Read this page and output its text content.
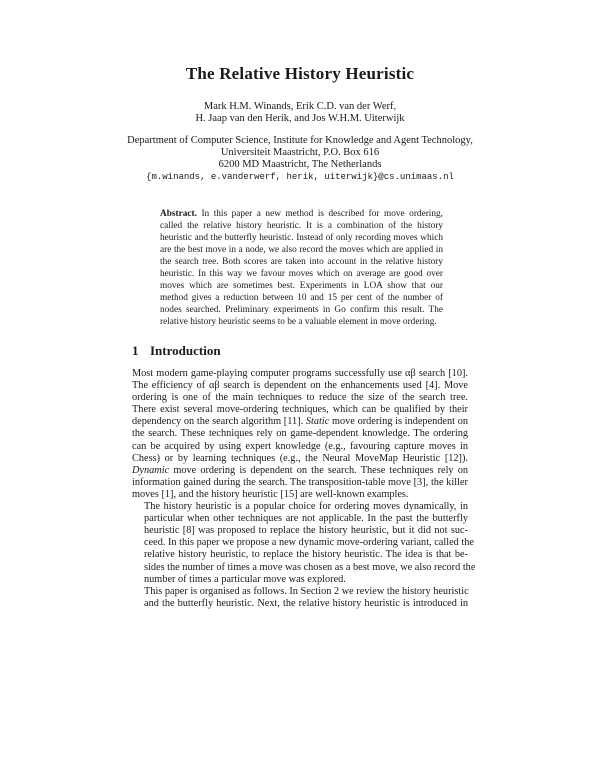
The Relative History Heuristic
Mark H.M. Winands, Erik C.D. van der Werf,
H. Jaap van den Herik, and Jos W.H.M. Uiterwijk
Department of Computer Science, Institute for Knowledge and Agent Technology,
Universiteit Maastricht, P.O. Box 616
6200 MD Maastricht, The Netherlands
{m.winands, e.vanderwerf, herik, uiterwijk}@cs.unimaas.nl
Abstract. In this paper a new method is described for move ordering, called the relative history heuristic. It is a combination of the history heuristic and the butterfly heuristic. Instead of only recording moves which are the best move in a node, we also record the moves which are applied in the search tree. Both scores are taken into account in the relative history heuristic. In this way we favour moves which on average are good over moves which are sometimes best. Experiments in LOA show that our method gives a reduction between 10 and 15 per cent of the number of nodes searched. Preliminary experiments in Go confirm this result. The relative history heuristic seems to be a valuable element in move ordering.
1 Introduction

Most modern game-playing computer programs successfully use αβ search [10].
The efficiency of αβ search is dependent on the enhancements used [4]. Move
ordering is one of the main techniques to reduce the size of the search tree.
There exist several move-ordering techniques, which can be qualified by their
dependency on the search algorithm [11]. Static move ordering is independent on
the search. These techniques rely on game-dependent knowledge. The ordering
can be acquired by using expert knowledge (e.g., favouring capture moves in
Chess) or by learning techniques (e.g., the Neural MoveMap Heuristic [12]).
Dynamic move ordering is dependent on the search. These techniques rely on
information gained during the search. The transposition-table move [3], the killer
moves [1], and the history heuristic [15] are well-known examples.

The history heuristic is a popular choice for ordering moves dynamically, in
particular when other techniques are not applicable. In the past the butterfly
heuristic [8] was proposed to replace the history heuristic, but it did not suc-
ceed. In this paper we propose a new dynamic move-ordering variant, called the
relative history heuristic, to replace the history heuristic. The idea is that be-
sides the number of times a move was chosen as a best move, we also record the
number of times a particular move was explored.

This paper is organised as follows. In Section 2 we review the history heuristic
and the butterfly heuristic. Next, the relative history heuristic is introduced in
